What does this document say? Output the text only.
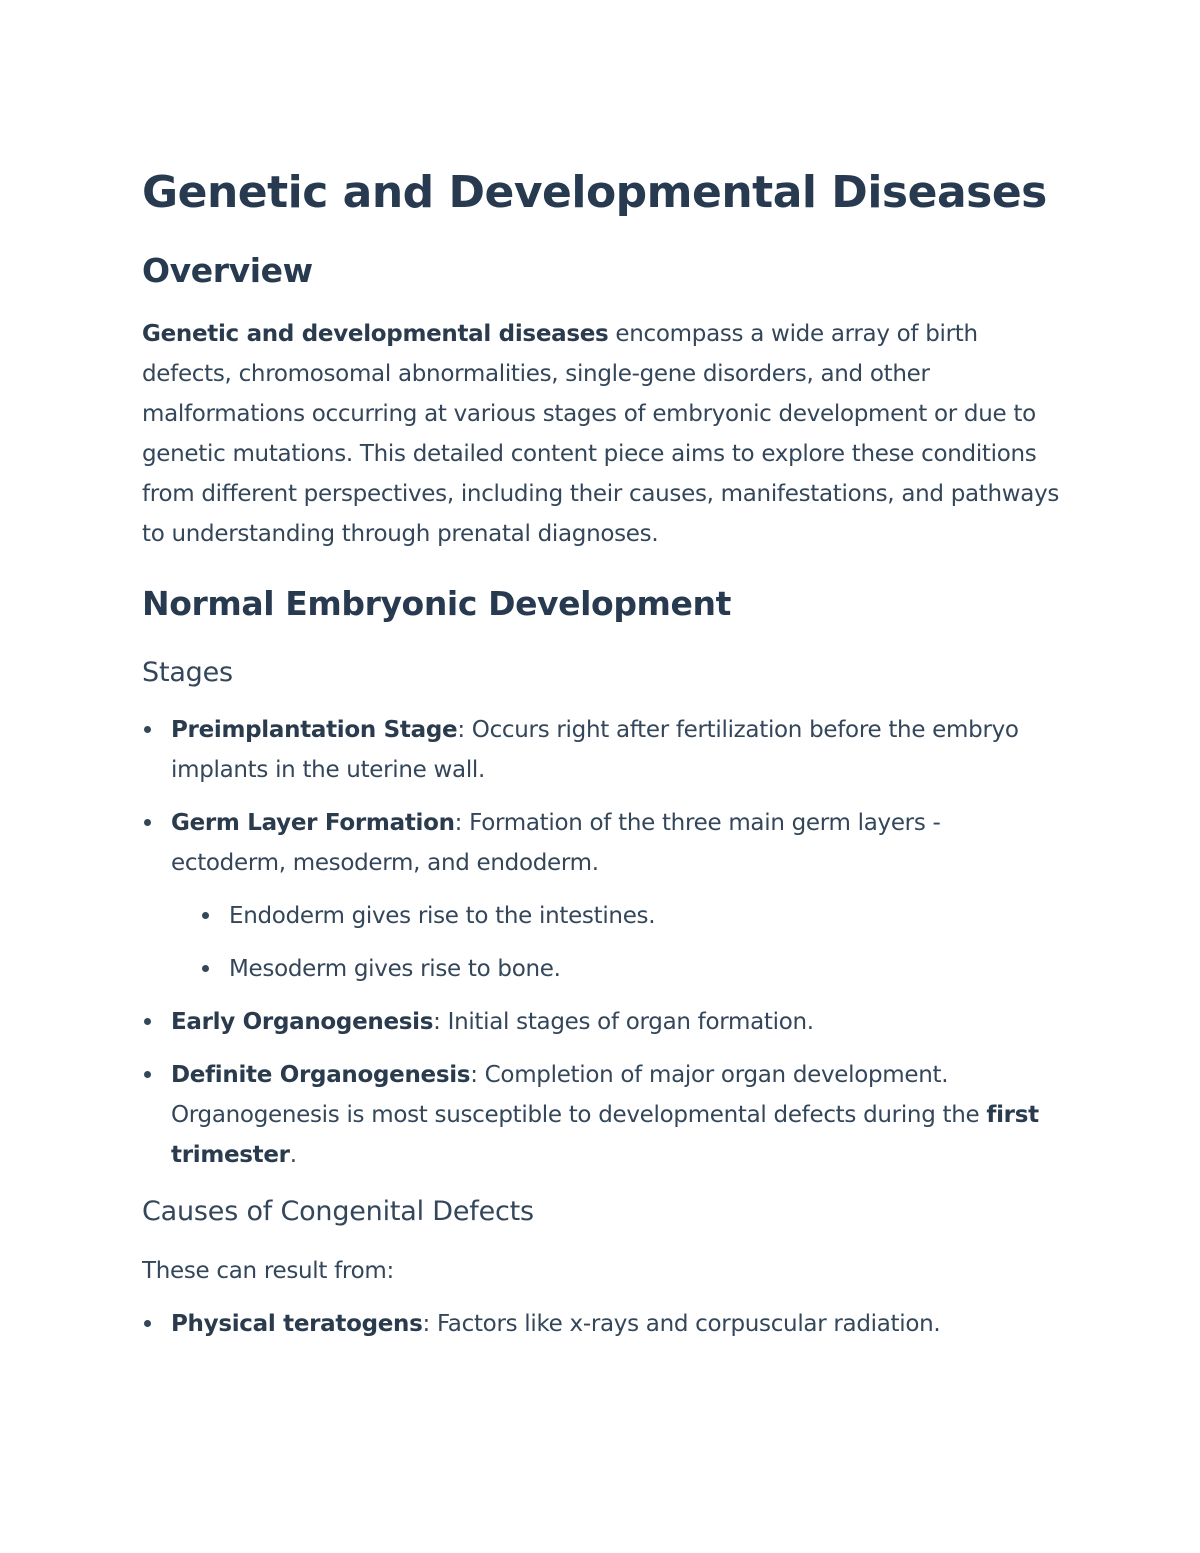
Genetic and Developmental Diseases
Overview

Genetic and developmental diseases encompass a wide array of birth defects, chromosomal abnormalities, single-gene disorders, and other malformations occurring at various stages of embryonic development or due to genetic mutations. This detailed content piece aims to explore these conditions from different perspectives, including their causes, manifestations, and pathways to understanding through prenatal diagnoses.

Normal Embryonic Development
Stages
Preimplantation Stage: Occurs right after fertilization before the embryo implants in the uterine wall.
Germ Layer Formation: Formation of the three main germ layers - ectoderm, mesoderm, and endoderm.
Endoderm gives rise to the intestines.
Mesoderm gives rise to bone.
Early Organogenesis: Initial stages of organ formation.
Definite Organogenesis: Completion of major organ development. Organogenesis is most susceptible to developmental defects during the first trimester.
Causes of Congenital Defects

These can result from:

Physical teratogens: Factors like x-rays and corpuscular radiation.
